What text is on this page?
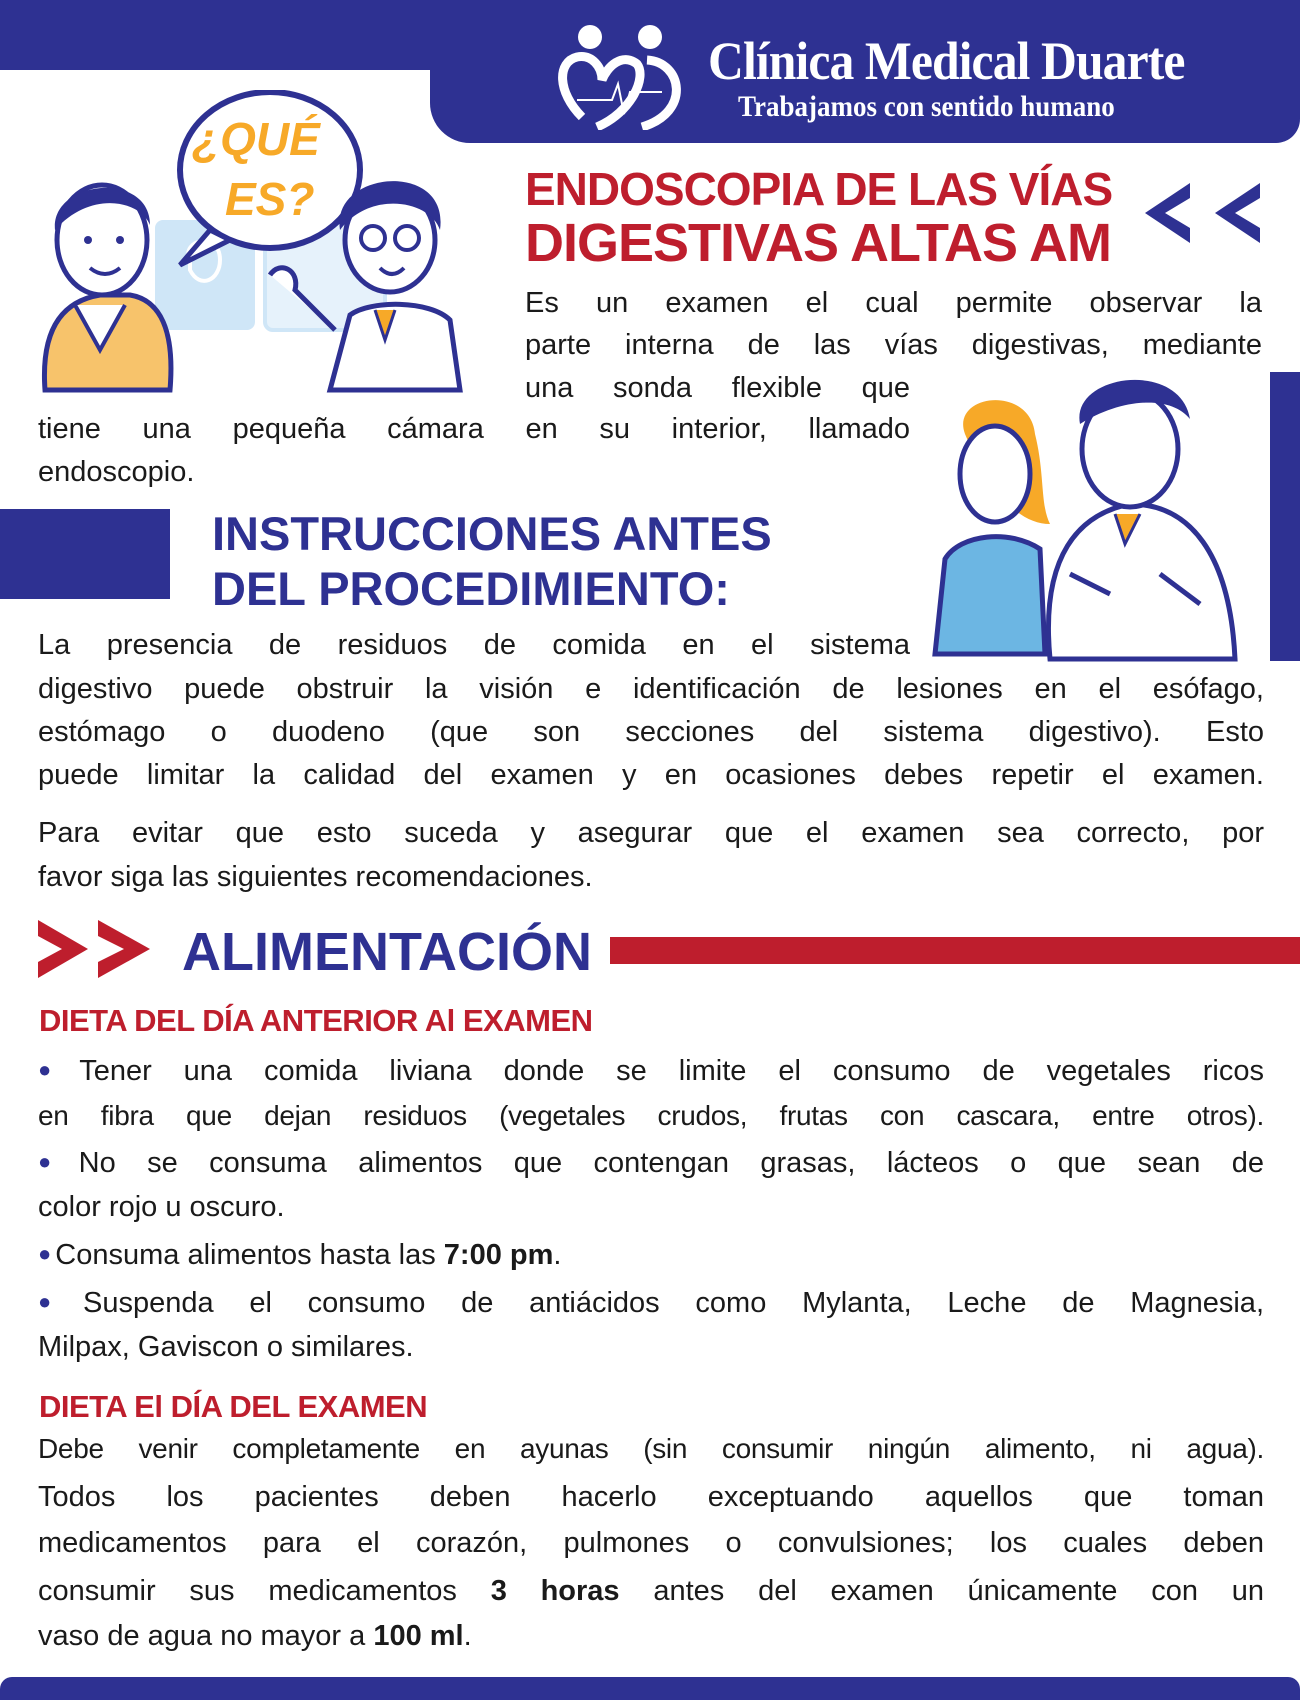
Clínica Medical Duarte
Trabajamos con sentido humano
¿QUÉ
ES?	ENDOSCOPIA DE LAS VÍAS
DIGESTIVAS ALTAS AM
Es un examen el cual permite observar la
parte interna de las vías digestivas, mediante
una sonda flexible que
tiene una pequeña cámara en su interior, llamado
endoscopio.
INSTRUCCIONES ANTES
DEL PROCEDIMIENTO:
La presencia de residuos de comida en el sistema
digestivo puede obstruir la visión e identificación de lesiones en el esófago,
estómago o duodeno (que son secciones del sistema digestivo). Esto
puede limitar la calidad del examen y en ocasiones debes repetir el examen.
Para evitar que esto suceda y asegurar que el examen sea correcto, por
favor siga las siguientes recomendaciones.
ALIMENTACIÓN
DIETA DEL DÍA ANTERIOR Al EXAMEN
● Tener una comida liviana donde se limite el consumo de vegetales ricos
en fibra que dejan residuos (vegetales crudos, frutas con cascara, entre otros).
● No se consuma alimentos que contengan grasas, lácteos o que sean de
color rojo u oscuro.
● Consuma alimentos hasta las 7:00 pm.
● Suspenda el consumo de antiácidos como Mylanta, Leche de Magnesia,
Milpax, Gaviscon o similares.
DIETA El DÍA DEL EXAMEN
Debe venir completamente en ayunas (sin consumir ningún alimento, ni agua).
Todos los pacientes deben hacerlo exceptuando aquellos que toman
medicamentos para el corazón, pulmones o convulsiones; los cuales deben
consumir sus medicamentos 3 horas antes del examen únicamente con un
vaso de agua no mayor a 100 ml.
